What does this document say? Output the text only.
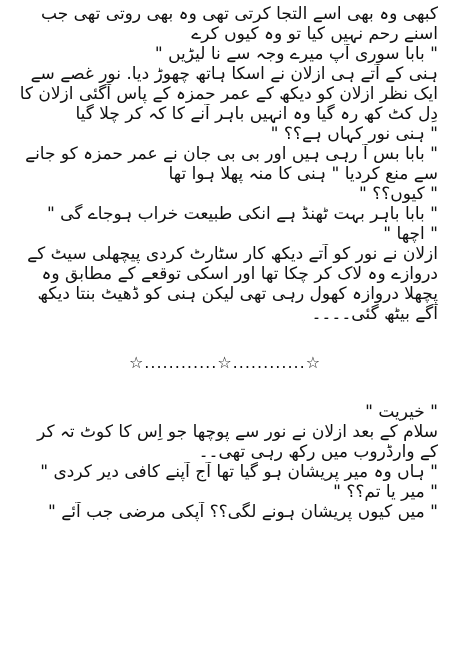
کبھی وہ بھی اسے التجا کرتی تھی وہ بھی روتی تھی جب
اسنے رحم نہیں کیا تو وہ کیوں کرے
" بابا سوری آپ میرے وجہ سے نا لیڑیں "
ہنی کے آتے ہی ازلان نے اسکا ہاتھ چھوڑ دیا. نور غصے سے
ایک نظر ازلان کو دیکھ کے عمر حمزہ کے پاس آگئی ازلان کا
دِل کٹ کھ رہ گیا وہ انہیں باہر آنے کا کہ کر چلا گیا
" ہنی نور کہاں ہے؟؟ "
" بابا بس آ رہی ہیں اور بی بی جان نے عمر حمزہ کو جانے
سے منع کردیا " ہنی کا منہ پھلا ہوا تھا
" کیوں؟؟ "
" بابا باہر بہت ٹھنڈ ہے انکی طبیعت خراب ہوجاے گی "
" اچھا "
ازلان نے نور کو آتے دیکھ کار سٹارٹ کردی پیچھلی سیٹ کے
دروازے وہ لاک کر چکا تھا اور اسکی توقعے کے مطابق وہ
پچھلا دروازہ کھول رہی تھی لیکن ہنی کو ڈھیٹ بنتا دیکھ
آگے بیٹھ گئی۔۔۔۔
☆............☆............☆
" خیریت "
سلام کے بعد ازلان نے نور سے پوچھا جو اِس کا کوٹ تہ کر
کے وارڈروب میں رکھ رہی تھی۔۔
" ہاں وہ میر پریشان ہو گیا تھا آج آپنے کافی دیر کردی "
" میر یا تم؟؟ "
" میں کیوں پریشان ہونے لگی؟؟ آپکی مرضی جب آئے "
